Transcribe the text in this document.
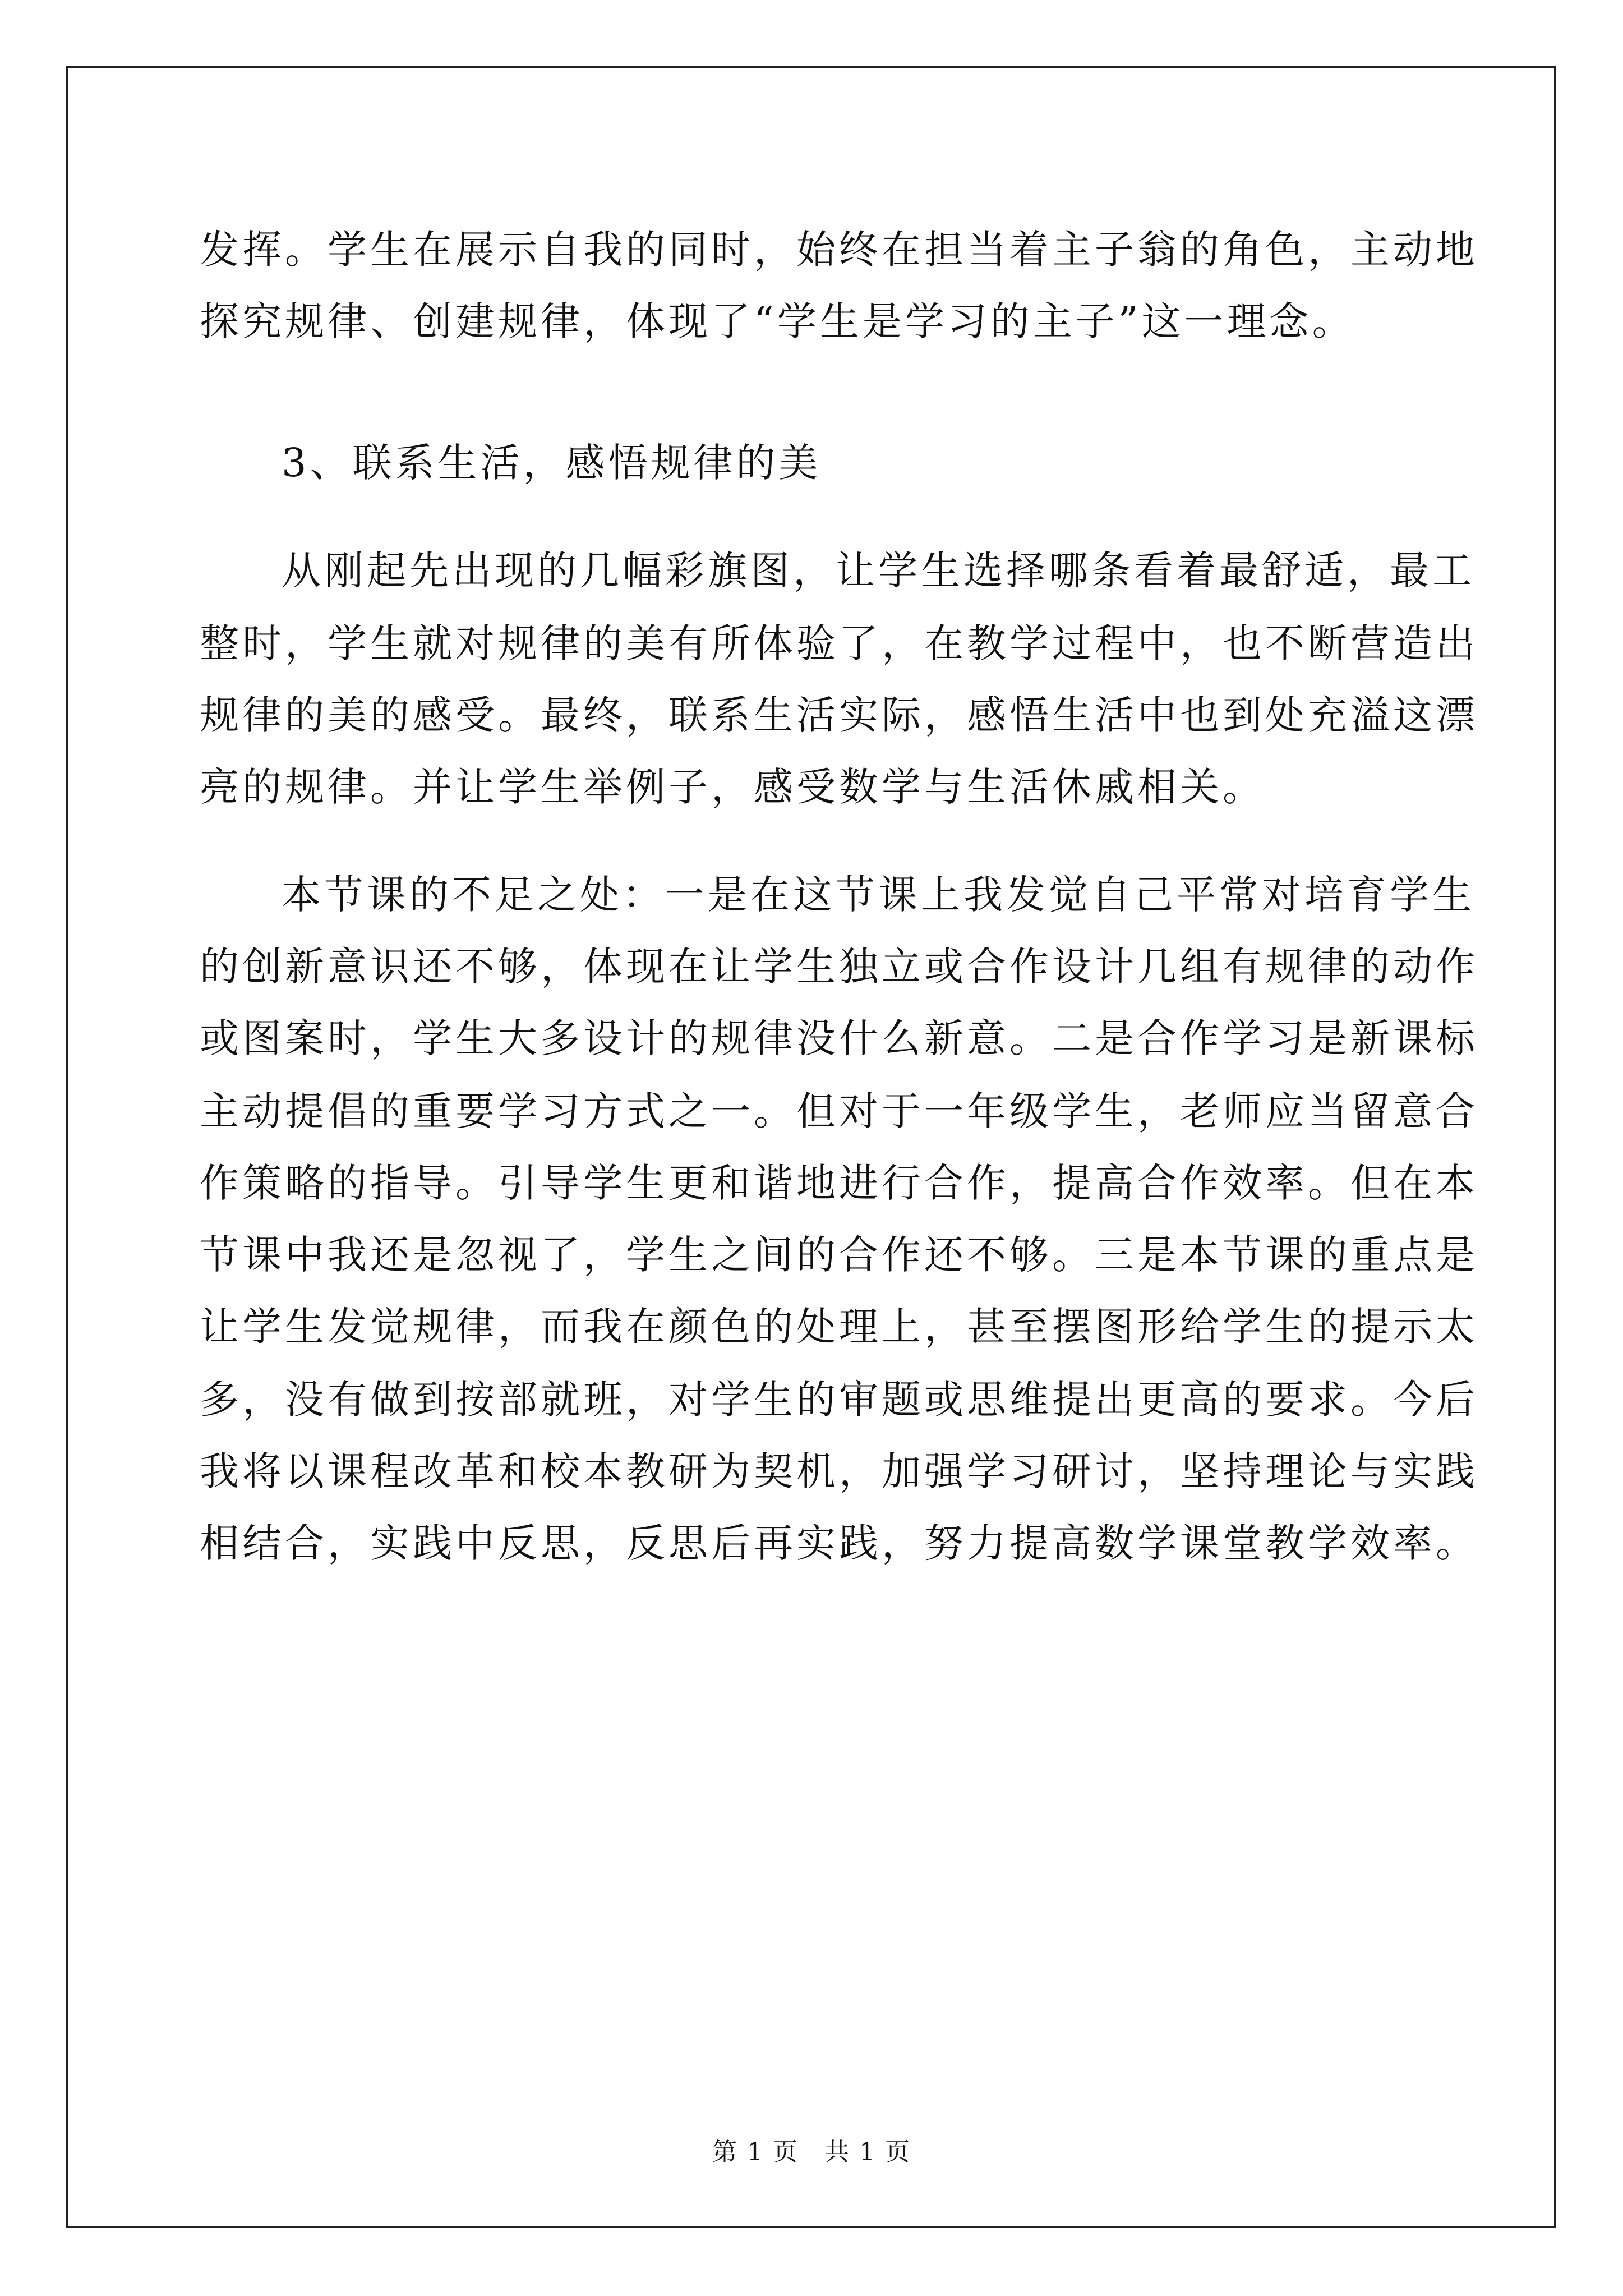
发挥。学生在展示自我的同时，始终在担当着主子翁的角色，主动地
探究规律、创建规律，体现了“学生是学习的主子”这一理念。
3、联系生活，感悟规律的美
从刚起先出现的几幅彩旗图，让学生选择哪条看着最舒适，最工
整时，学生就对规律的美有所体验了，在教学过程中，也不断营造出
规律的美的感受。最终，联系生活实际，感悟生活中也到处充溢这漂
亮的规律。并让学生举例子，感受数学与生活休戚相关。
本节课的不足之处：一是在这节课上我发觉自己平常对培育学生
的创新意识还不够，体现在让学生独立或合作设计几组有规律的动作
或图案时，学生大多设计的规律没什么新意。二是合作学习是新课标
主动提倡的重要学习方式之一。但对于一年级学生，老师应当留意合
作策略的指导。引导学生更和谐地进行合作，提高合作效率。但在本
节课中我还是忽视了，学生之间的合作还不够。三是本节课的重点是
让学生发觉规律，而我在颜色的处理上，甚至摆图形给学生的提示太
多，没有做到按部就班，对学生的审题或思维提出更高的要求。今后
我将以课程改革和校本教研为契机，加强学习研讨，坚持理论与实践
相结合，实践中反思，反思后再实践，努力提高数学课堂教学效率。
第 1 页　共 1 页
